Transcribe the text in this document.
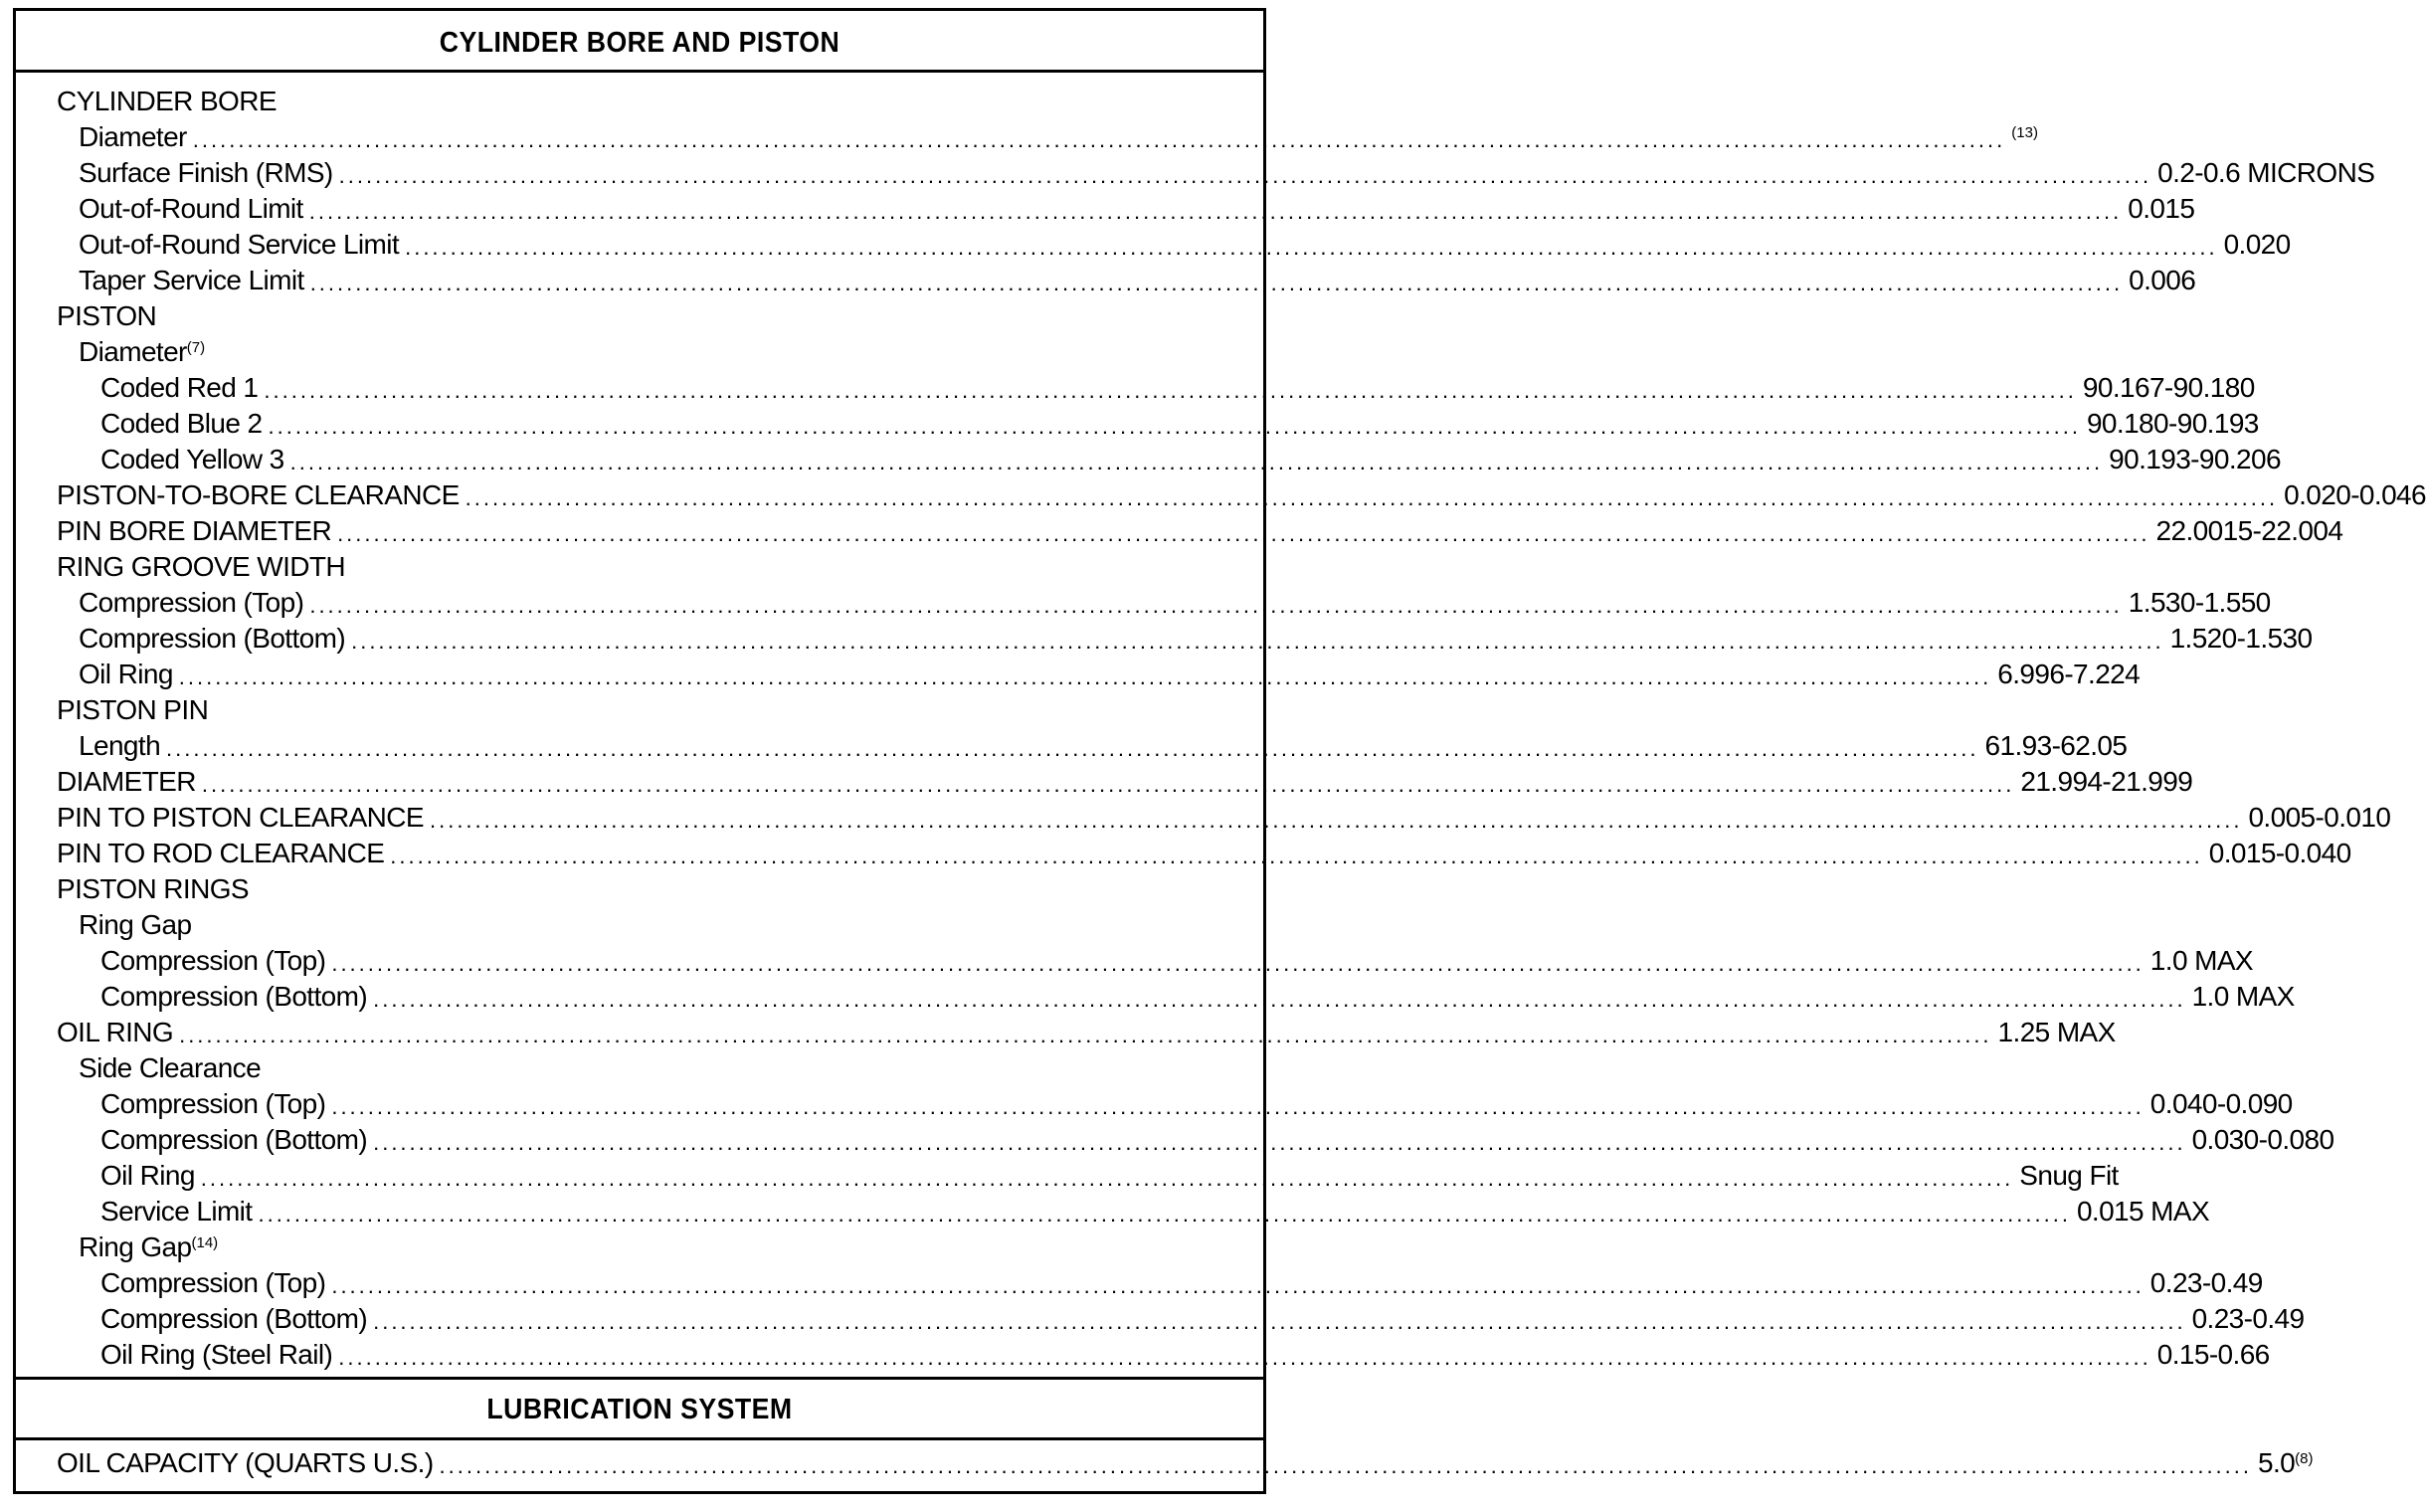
CYLINDER BORE AND PISTON
CYLINDER BORE
Diameter ........................................................................................................................................................................................................ $^{(13)}$
Surface Finish (RMS) ........................................................................................................................................................................................................ 0.2-0.6 MICRONS
Out-of-Round Limit ........................................................................................................................................................................................................ 0.015
Out-of-Round Service Limit ........................................................................................................................................................................................................ 0.020
Taper Service Limit ........................................................................................................................................................................................................ 0.006
PISTON
Diameter$^{(7)}$
Coded Red 1 ........................................................................................................................................................................................................ 90.167-90.180
Coded Blue 2 ........................................................................................................................................................................................................ 90.180-90.193
Coded Yellow 3 ........................................................................................................................................................................................................ 90.193-90.206
PISTON-TO-BORE CLEARANCE ........................................................................................................................................................................................................ 0.020-0.046
PIN BORE DIAMETER ........................................................................................................................................................................................................ 22.0015-22.004
RING GROOVE WIDTH
Compression (Top) ........................................................................................................................................................................................................ 1.530-1.550
Compression (Bottom) ........................................................................................................................................................................................................ 1.520-1.530
Oil Ring ........................................................................................................................................................................................................ 6.996-7.224
PISTON PIN
Length ........................................................................................................................................................................................................ 61.93-62.05
DIAMETER ........................................................................................................................................................................................................ 21.994-21.999
PIN TO PISTON CLEARANCE ........................................................................................................................................................................................................ 0.005-0.010
PIN TO ROD CLEARANCE ........................................................................................................................................................................................................ 0.015-0.040
PISTON RINGS
Ring Gap
Compression (Top) ........................................................................................................................................................................................................ 1.0 MAX
Compression (Bottom) ........................................................................................................................................................................................................ 1.0 MAX
OIL RING ........................................................................................................................................................................................................ 1.25 MAX
Side Clearance
Compression (Top) ........................................................................................................................................................................................................ 0.040-0.090
Compression (Bottom) ........................................................................................................................................................................................................ 0.030-0.080
Oil Ring ........................................................................................................................................................................................................ Snug Fit
Service Limit ........................................................................................................................................................................................................ 0.015 MAX
Ring Gap$^{(14)}$
Compression (Top) ........................................................................................................................................................................................................ 0.23-0.49
Compression (Bottom) ........................................................................................................................................................................................................ 0.23-0.49
Oil Ring (Steel Rail) ........................................................................................................................................................................................................ 0.15-0.66
LUBRICATION SYSTEM
OIL CAPACITY (QUARTS U.S.) ........................................................................................................................................................................................................ 5.0$^{(8)}$
